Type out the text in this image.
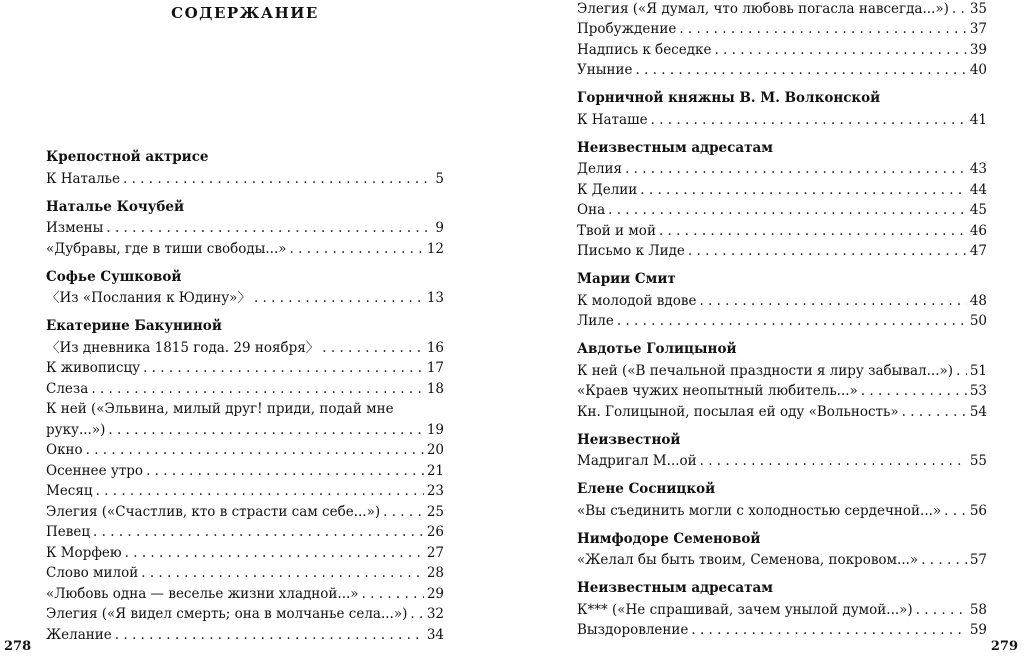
СОДЕРЖАНИЕ
Крепостной актрисе
К Наталье . . .	5
Наталье Кочубей
Измены . . .	9
«Дубравы, где в тиши свободы...» . . .	12
Софье Сушковой
〈Из «Послания к Юдину»〉 . . .	13
Екатерине Бакуниной
〈Из дневника 1815 года. 29 ноября〉 . . .	16
К живописцу . . .	17
Слеза . . .	18
К ней («Эльвина, милый друг! приди, подай мне
руку...») . . .	19
Окно . . .	20
Осеннее утро . . .	21
Месяц . . .	23
Элегия («Счастлив, кто в страсти сам себе...») . . .	25
Певец . . .	26
К Морфею . . .	27
Слово милой . . .	28
«Любовь одна — веселье жизни хладной...» . . .	29
Элегия («Я видел смерть; она в молчанье села...») . . . 32
Желание . . .	34
278
Элегия («Я думал, что любовь погасла навсегда...») . . . 35
Пробуждение . . .	37
Надпись к беседке . . .	39
Уныние . . .	40
Горничной княжны В. М. Волконской
К Наташе . . .	41
Неизвестным адресатам
Делия . . .	43
К Делии . . .	44
Она . . .	45
Твой и мой . . .	46
Письмо к Лиде . . .	47
Марии Смит
К молодой вдове . . .	48
Лиле . . .	50
Авдотье Голицыной
К ней («В печальной праздности я лиру забывал...») . . . 51
«Краев чужих неопытный любитель...» . . .	53
Кн. Голицыной, посылая ей оду «Вольность» . . .	54
Неизвестной
Мадригал М...ой . . .	55
Елене Сосницкой
«Вы съединить могли с холодностью сердечной...» . . . 56
Нимфодоре Семеновой
«Желал бы быть твоим, Семенова, покровом...» . . .	57
Неизвестным адресатам
К*** («Не спрашивай, зачем унылой думой...») . . .	58
Выздоровление . . .	59
279
